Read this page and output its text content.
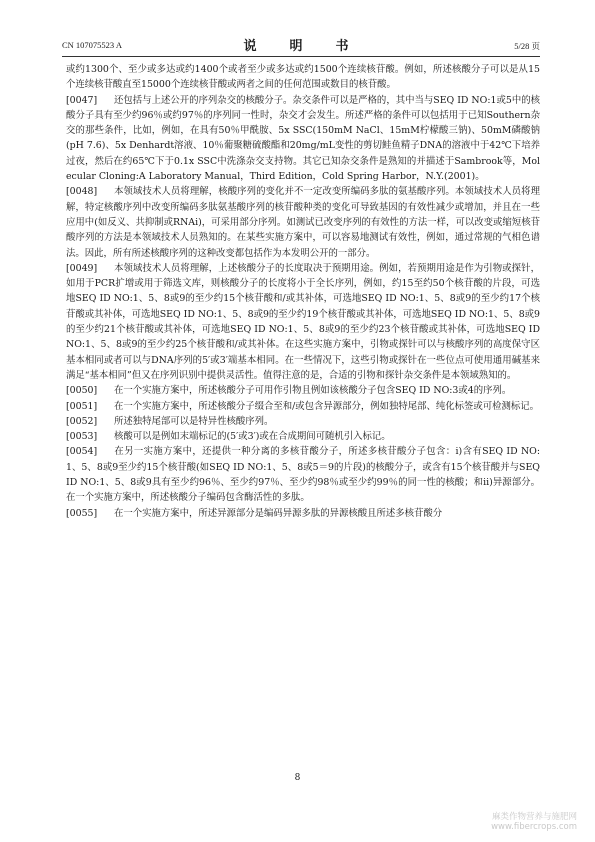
CN 107075523 A	说　明　书	5/28 页

或约1300个、至少或多达或约1400个或者至少或多达或约1500个连续核苷酸。例如，所述核酸分子可以是从15个连续核苷酸直至15000个连续核苷酸或两者之间的任何范围或数目的核苷酸。

[0047] 还包括与上述公开的序列杂交的核酸分子。杂交条件可以是严格的，其中当与SEQ ID NO:1或5中的核酸分子具有至少约96％或约97％的序列同一性时，杂交才会发生。所述严格的条件可以包括用于已知Southern杂交的那些条件，比如，例如，在具有50％甲酰胺、5x SSC(150mM NaCl、15mM柠檬酸三钠)、50mM磷酸钠(pH 7.6)、5x Denhardt溶液、10％葡聚糖硫酸酯和20mg/mL变性的剪切鲑鱼精子DNA的溶液中于42℃下培养过夜，然后在约65℃下于0.1x SSC中洗涤杂交支持物。其它已知杂交条件是熟知的并描述于Sambrook等，Molecular Cloning:A Laboratory Manual，Third Edition，Cold Spring Harbor，N.Y.(2001)。

[0048] 本领域技术人员将理解，核酸序列的变化并不一定改变所编码多肽的氨基酸序列。本领域技术人员将理解，特定核酸序列中改变所编码多肽氨基酸序列的核苷酸种类的变化可导致基因的有效性减少或增加，并且在一些应用中(如反义、共抑制或RNAi)，可采用部分序列。如测试已改变序列的有效性的方法一样，可以改变或缩短核苷酸序列的方法是本领域技术人员熟知的。在某些实施方案中，可以容易地测试有效性，例如，通过常规的气相色谱法。因此，所有所述核酸序列的这种改变都包括作为本发明公开的一部分。

[0049] 本领域技术人员将理解，上述核酸分子的长度取决于预期用途。例如，若预期用途是作为引物或探针，如用于PCR扩增或用于筛选文库，则核酸分子的长度将小于全长序列，例如，约15至约50个核苷酸的片段，可选地SEQ ID NO:1、5、8或9的至少约15个核苷酸和/或其补体，可选地SEQ ID NO:1、5、8或9的至少约17个核苷酸或其补体，可选地SEQ ID NO:1、5、8或9的至少约19个核苷酸或其补体，可选地SEQ ID NO:1、5、8或9的至少约21个核苷酸或其补体，可选地SEQ ID NO:1、5、8或9的至少约23个核苷酸或其补体，可选地SEQ ID NO:1、5、8或9的至少约25个核苷酸和/或其补体。在这些实施方案中，引物或探针可以与核酸序列的高度保守区基本相同或者可以与DNA序列的5′或3′端基本相同。在一些情况下，这些引物或探针在一些位点可使用通用碱基来满足“基本相同”但又在序列识别中提供灵活性。值得注意的是，合适的引物和探针杂交条件是本领域熟知的。

[0050] 在一个实施方案中，所述核酸分子可用作引物且例如该核酸分子包含SEQ ID NO:3或4的序列。

[0051] 在一个实施方案中，所述核酸分子缀合至和/或包含异源部分，例如独特尾部、纯化标签或可检测标记。

[0052] 所述独特尾部可以是特异性核酸序列。

[0053] 核酸可以是例如末端标记的(5′或3′)或在合成期间可随机引入标记。

[0054] 在另一实施方案中，还提供一种分离的多核苷酸分子，所述多核苷酸分子包含：i)含有SEQ ID NO:1、5、8或9至少约15个核苷酸(如SEQ ID NO:1、5、8或5＝9的片段)的核酸分子，或含有15个核苷酸并与SEQ ID NO:1、5、8或9具有至少约96％、至少约97％、至少约98％或至少约99％的同一性的核酸；和ii)异源部分。在一个实施方案中，所述核酸分子编码包含酶活性的多肽。

[0055] 在一个实施方案中，所述异源部分是编码异源多肽的异源核酸且所述多核苷酸分

8
麻类作物营养与施肥网
www.fibercrops.com
